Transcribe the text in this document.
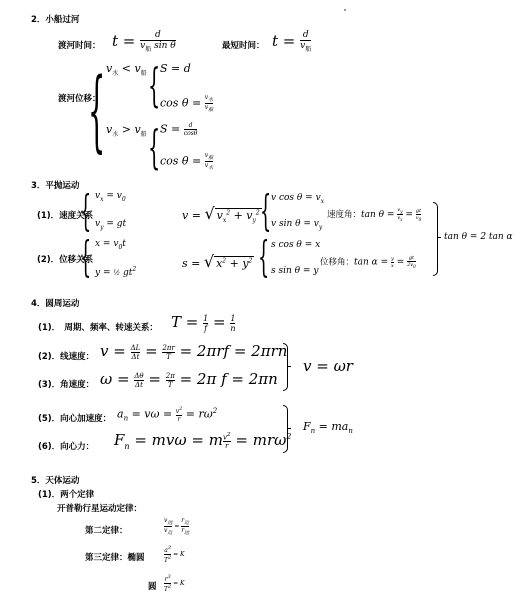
2．小船过河
渡河时间： t =	d
$v_船$ sin θ	最短时间： t = d
$v_船$
渡河位移：
{ $v_水 < v_船$ { S = d
$\cos \theta = v_水$
$v_船$
$v_水 > v_船$ { $S = \frac{d}{\cos\theta}$
$\cos \theta = v_船$
$v_水$
3．平抛运动
(1)．速度关系
{ $v_x = v_0$
$v_y$ = gt
v = √ $v_x^2 + v_y^2$ { v $\cos \theta = v_x$
v $\sin \theta = v_y$
速度角：$\tan \theta = \frac{v_y}{v_x} = \frac{gt}{v_0}$
(2)．位移关系
{ $x = v_0t$
y = ½ $gt^2$	s = √ $x^2 + y^2$ { s cos θ = x
s sin θ = y
位移角：$\tan \alpha = \frac{y}{x} = \frac{gt}{2v_0}$
tan θ = 2 tan α
4．圆周运动
(1)．　周期、频率、转速关系： $T = \frac{1}{f} = \frac{1}{n}$
(2)．线速度： $v = \frac{\Delta L}{\Delta t} = \frac{2\pi r}{T} = 2\pi rf = 2\pi rn$
(3)．角速度： $\omega = \frac{\Delta\theta}{\Delta t} = \frac{2\pi}{T} = 2\pi$ f = 2πn
v = ωr
(5)．向心加速度： $a_n = v\omega = \frac{v^2}{r} = r\omega^2$
(6)．向心力： $F_n = mv\omega = m \frac{v^2}{r} = mr\omega^2$
$F_n = ma_n$
5．天体运动
(1)．两个定律
开普勒行星运动定律：
第二定律：
$v_远$
$v_近$
=
$r_近$
$r_远$
第三定律：椭圆	$\frac{a^3}{T^2} = K$
圆 $\frac{r^3}{T^2} = K$
